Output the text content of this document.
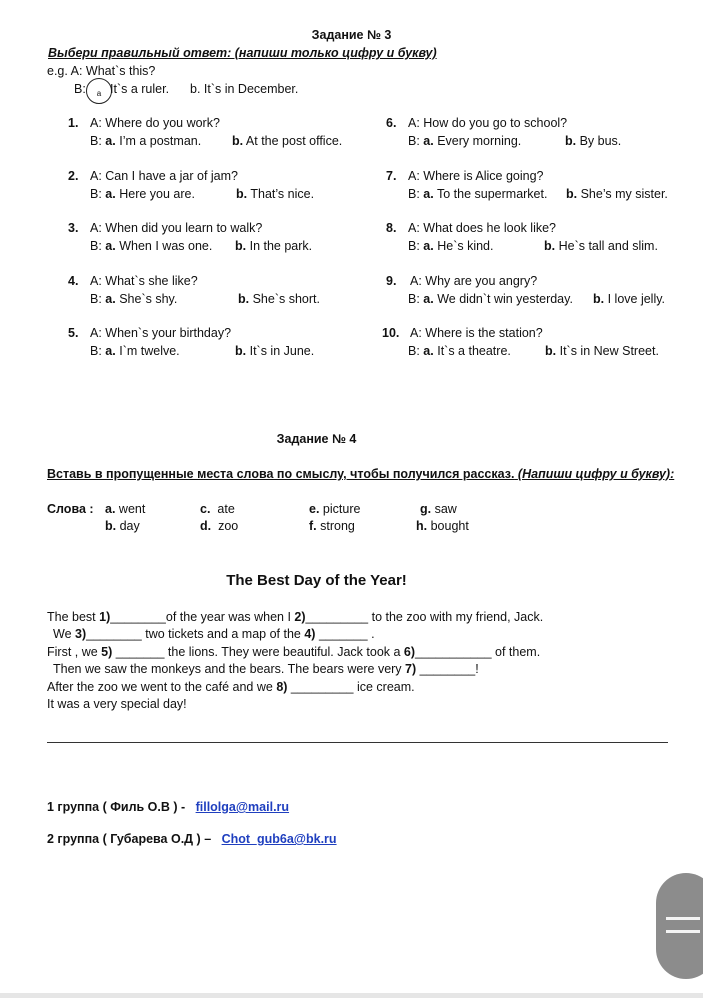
Задание № 3
Выбери правильный ответ: (напиши только цифру и букву)
e.g. A: What`s this?
B:	a It`s a ruler. b. It`s in December.
1. A: Where do you work?
B: a. I’m a postman. b. At the post office.
2. A: Can I have a jar of jam?
B: a. Here you are.	b. That’s nice.
3. A: When did you learn to walk?
B: a. When I was one. b. In the park.
4. A: What`s she like?
B: a. She`s shy.	b. She`s short.
5. A: When`s your birthday?
B: a. I`m twelve.	b. It`s in June.
6. A: How do you go to school?
B: a. Every morning.	b. By bus.
7. A: Where is Alice going?
B: a. To the supermarket. b. She’s my sister.
8. A: What does he look like?
B: a. He`s kind.	b. He`s tall and slim.
9. A: Why are you angry?
B: a. We didn`t win yesterday. b. I love jelly.
10. A: Where is the station?
B: a. It`s a theatre.	b. It`s in New Street.
Задание № 4
Вставь в пропущенные места слова по смыслу, чтобы получился рассказ. (Напиши цифру и букву):
Слова : a. went
b. day
c. ate
d. zoo
e. picture
f. strong
g. saw
h. bought
The Best Day of the Year!
The best 1)________of the year was when I 2)_________ to the zoo with my friend, Jack.
We 3)________ two tickets and a map of the 4) _______ .
First , we 5) _______ the lions. They were beautiful. Jack took a 6)___________ of them.
Then we saw the monkeys and the bears. The bears were very 7) ________!
After the zoo we went to the café and we 8) _________ ice cream.
It was a very special day!
1 группа ( Филь О.В ) - fillolga@mail.ru
2 группа ( Губарева О.Д ) – Chot_gub6a@bk.ru
